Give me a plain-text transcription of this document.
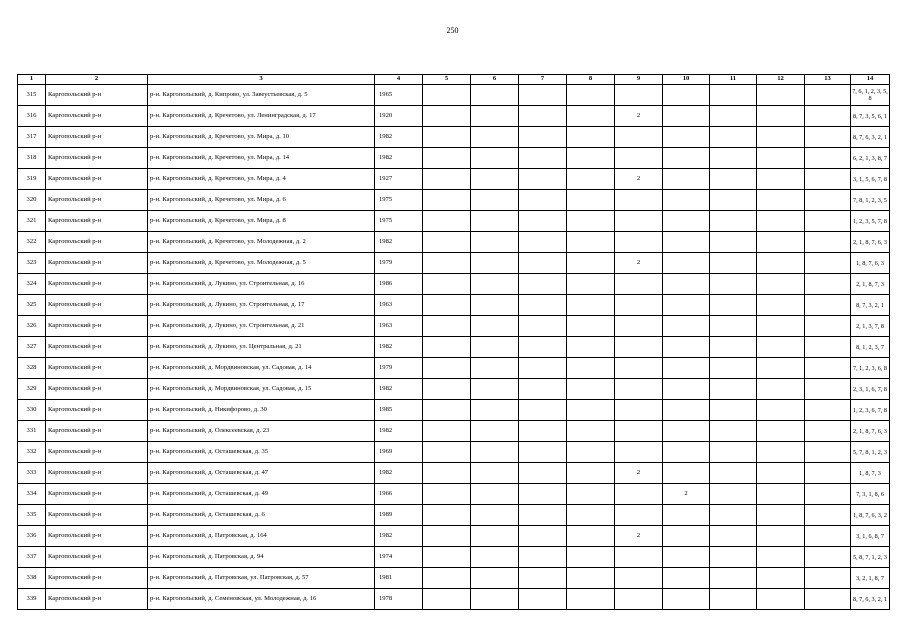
250
1	2	3	4	5	6	7	8	9	10	11	12	13	14
315	Каргопольский р-н	р-н. Каргопольский, д. Кипрово, ул. Завеустьевская, д. 5	1965										7, 6, 1, 2, 3, 5, 8
316	Каргопольский р-н	р-н. Каргопольский, д. Кречетово, ул. Ленинградская, д. 17	1920					2					8, 7, 3, 5, 6, 1
317	Каргопольский р-н	р-н. Каргопольский, д. Кречетово, ул. Мира, д. 10	1982										8, 7, 6, 3, 2, 1
318	Каргопольский р-н	р-н. Каргопольский, д. Кречетово, ул. Мира, д. 14	1982										6, 2, 1, 3, 8, 7
319	Каргопольский р-н	р-н. Каргопольский, д. Кречетово, ул. Мира, д. 4	1927					2					3, 1, 5, 6, 7, 8
320	Каргопольский р-н	р-н. Каргопольский, д. Кречетово, ул. Мира, д. 6	1975										7, 8, 1, 2, 3, 5
321	Каргопольский р-н	р-н. Каргопольский, д. Кречетово, ул. Мира, д. 8	1975										1, 2, 3, 5, 7, 8
322	Каргопольский р-н	р-н. Каргопольский, д. Кречетово, ул. Молодежная, д. 2	1982										2, 1, 8, 7, 6, 3
323	Каргопольский р-н	р-н. Каргопольский, д. Кречетово, ул. Молодежная, д. 5	1979					2					1, 8, 7, 6, 3
324	Каргопольский р-н	р-н. Каргопольский, д. Лукино, ул. Строительная, д. 16	1986										2, 1, 8, 7, 3
325	Каргопольский р-н	р-н. Каргопольский, д. Лукино, ул. Строительная, д. 17	1963										8, 7, 3, 2, 1
326	Каргопольский р-н	р-н. Каргопольский, д. Лукино, ул. Строительная, д. 21	1963										2, 1, 3, 7, 8
327	Каргопольский р-н	р-н. Каргопольский, д. Лукино, ул. Центральная, д. 21	1982										8, 1, 2, 3, 7
328	Каргопольский р-н	р-н. Каргопольский, д. Мордвиновская, ул. Садовая, д. 14	1979										7, 1, 2, 3, 6, 8
329	Каргопольский р-н	р-н. Каргопольский, д. Мордвиновская, ул. Садовая, д. 15	1982										2, 3, 1, 6, 7, 8
330	Каргопольский р-н	р-н. Каргопольский, д. Никифорово, д. 30	1985										1, 2, 3, 6, 7, 8
331	Каргопольский р-н	р-н. Каргопольский, д. Олексеевская, д. 23	1982										2, 1, 8, 7, 6, 3
332	Каргопольский р-н	р-н. Каргопольский, д. Осташевская, д. 35	1969										5, 7, 8, 1, 2, 3
333	Каргопольский р-н	р-н. Каргопольский, д. Осташевская, д. 47	1982					2					1, 8, 7, 3
334	Каргопольский р-н	р-н. Каргопольский, д. Осташевская, д. 49	1966						2				7, 3, 1, 8, 6
335	Каргопольский р-н	р-н. Каргопольский, д. Осташевская, д. 6	1989										1, 8, 7, 6, 3, 2
336	Каргопольский р-н	р-н. Каргопольский, д. Патровская, д. 164	1982					2					3, 1, 6, 8, 7
337	Каргопольский р-н	р-н. Каргопольский, д. Патровская, д. 94	1974										5, 8, 7, 1, 2, 3
338	Каргопольский р-н	р-н. Каргопольский, д. Патровская, ул. Патровская, д. 57	1981										3, 2, 1, 8, 7
339	Каргопольский р-н	р-н. Каргопольский, д. Семеновская, ул. Молодежная, д. 16	1978										8, 7, 6, 3, 2, 1
